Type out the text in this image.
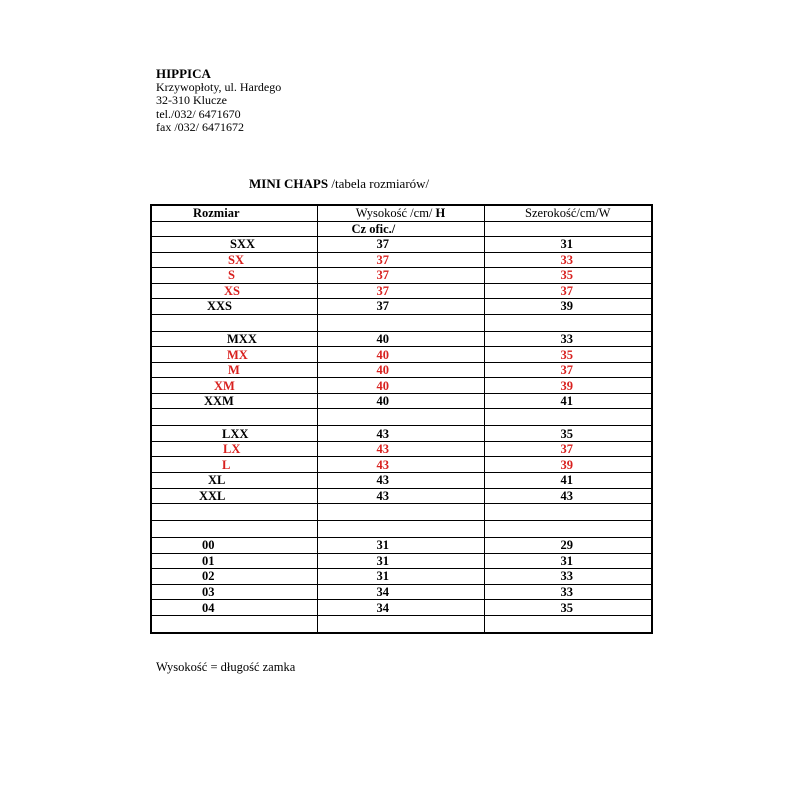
HIPPICA
Krzywopłoty, ul. Hardego
32-310 Klucze
tel./032/ 6471670
fax /032/ 6471672
MINI CHAPS /tabela rozmiarów/
Rozmiar	Wysokość /cm/ H	Szerokość/cm/W
	Cz ofic./	
SXX	37	31
SX	37	33
S	37	35
XS	37	37
XXS	37	39

MXX	40	33
MX	40	35
M	40	37
XM	40	39
XXM	40	41

LXX	43	35
LX	43	37
L	43	39
XL	43	41
XXL	43	43

00	31	29
01	31	31
02	31	33
03	34	33
04	34	35

Wysokość = długość zamka
